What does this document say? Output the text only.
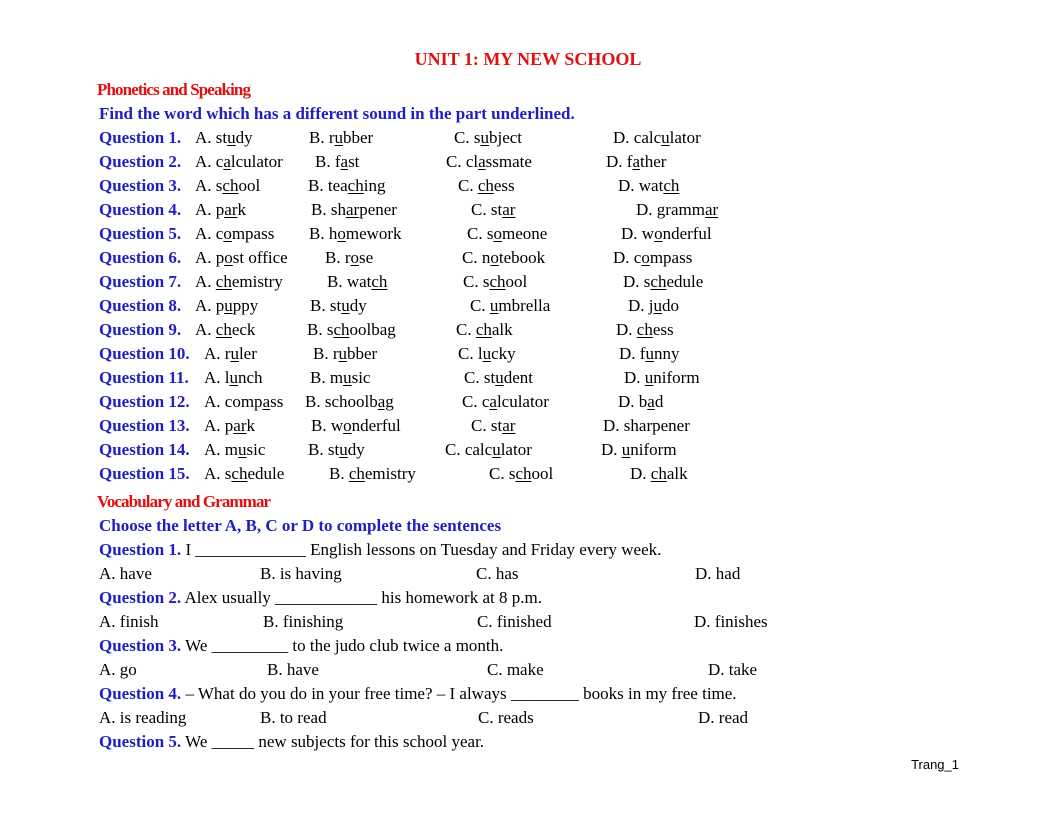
UNIT 1: MY NEW SCHOOL
Phonetics and Speaking
Find the word which has a different sound in the part underlined.
Question 1. A. study	B. rubber	C. subject	D. calculator
Question 2. A. calculator B. fast	C. classmate	D. father
Question 3. A. school	B. teaching	C. chess	D. watch
Question 4. A. park	B. sharpener	C. star	D. grammar
Question 5. A. compass B. homework	C. someone	D. wonderful
Question 6. A. post office B. rose	C. notebook	D. compass
Question 7. A. chemistry	B. watch	C. school	D. schedule
Question 8. A. puppy	B. study	C. umbrella	D. judo
Question 9. A. check	B. schoolbag	C. chalk	D. chess
Question 10. A. ruler	B. rubber	C. lucky	D. funny
Question 11. A. lunch	B. music	C. student	D. uniform
Question 12. A. compass B. schoolbag	C. calculator	D. bad
Question 13. A. park	B. wonderful	C. star	D. sharpener
Question 14. A. music	B. study	C. calculator	D. uniform
Question 15. A. schedule	B. chemistry	C. school	D. chalk
Vocabulary and Grammar
Choose the letter A, B, C or D to complete the sentences
Question 1. I _____________ English lessons on Tuesday and Friday every week.
A. have	B. is having	C. has	D. had
Question 2. Alex usually ____________ his homework at 8 p.m.
A. finish	B. finishing	C. finished	D. finishes
Question 3. We _________ to the judo club twice a month.
A. go	B. have	C. make	D. take
Question 4. – What do you do in your free time? – I always ________ books in my free time.
A. is reading	B. to read	C. reads	D. read
Question 5. We _____ new subjects for this school year.
Trang_1
